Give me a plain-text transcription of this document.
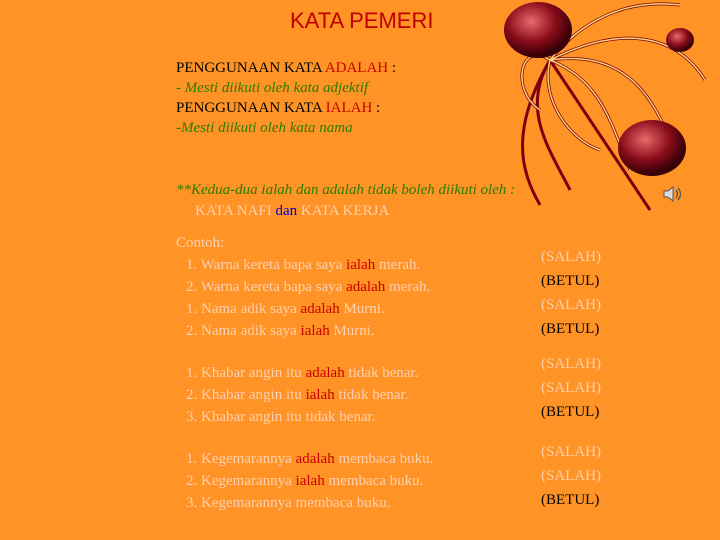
KATA PEMERI
PENGGUNAAN KATA ADALAH :
- Mesti diikuti oleh kata adjektif
PENGGUNAAN KATA IALAH :
-Mesti diikuti oleh kata nama
**Kedua-dua ialah dan adalah tidak boleh diikuti oleh :
KATA NAFI dan KATA KERJA
Contoh:
1. Warna kereta bapa saya ialah merah.
2. Warna kereta bapa saya adalah merah.
1. Nama adik saya adalah Murni.
2. Nama adik saya ialah Murni.
(SALAH)
(BETUL)
(SALAH)
(BETUL)
1. Khabar angin itu adalah tidak benar.
2. Khabar angin itu ialah tidak benar.
3. Khabar angin itu tidak benar.
(SALAH)
(SALAH)
(BETUL)
1. Kegemarannya adalah membaca buku.
2. Kegemarannya ialah membaca buku.
3. Kegemarannya membaca buku.
(SALAH)
(SALAH)
(BETUL)
